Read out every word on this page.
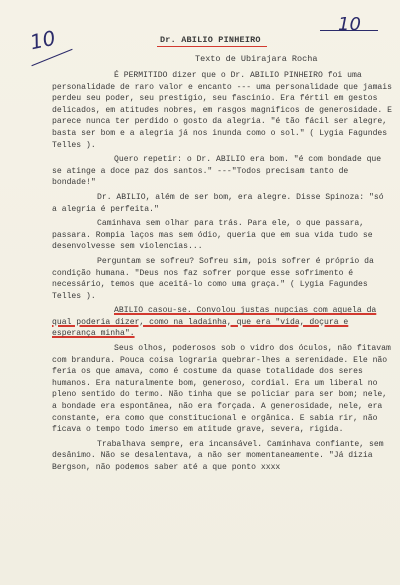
10
10
Dr. ABILIO PINHEIRO
Texto de Ubirajara Rocha

É PERMITIDO dizer que o Dr. ABILIO PINHEIRO foi uma personalidade de raro valor e encanto --- uma personalidade que jamais perdeu seu poder, seu prestigio, seu fascinio. Era fértil em gestos delicados, em atitudes nobres, em rasgos magnificos de generosidade. E parece nunca ter perdido o gosto da alegria. "é tão fácil ser alegre, basta ser bom e a alegria já nos inunda como o sol." ( Lygia Fagundes Telles ).

Quero repetir: o Dr. ABILIO era bom. "é com bondade que se atinge a doce paz dos santos." ---"Todos precisam tanto de bondade!"

Dr. ABILIO, além de ser bom, era alegre. Disse Spinoza: "só a alegria é perfeita."

Caminhava sem olhar para trás. Para ele, o que passara, passara. Rompia laços mas sem ódio, queria que em sua vida tudo se desenvolvesse sem violencias...

Perguntam se sofreu? Sofreu sim, pois sofrer é próprio da condição humana. "Deus nos faz sofrer porque esse sofrimento é necessário, temos que aceitá-lo como uma graça." ( Lygia Fagundes Telles ).

ABILIO casou-se. Convolou justas nupcias com aquela da qual poderia dizer, como na ladainha, que era "vida, doçura e esperança minha".

Seus olhos, poderosos sob o vidro dos óculos, não fitavam com brandura. Pouca coisa lograria quebrar-lhes a serenidade. Ele não feria os que amava, como é costume da quase totalidade dos seres humanos. Era naturalmente bom, generoso, cordial. Era um liberal no pleno sentido do termo. Não tinha que se policiar para ser bom; nele, a bondade era espontânea, não era forçada. A generosidade, nele, era constante, era como que constitucional e orgânica. E sabia rir, não ficava o tempo todo imerso em atitude grave, severa, rigida.

Trabalhava sempre, era incansável. Caminhava confiante, sem desânimo. Não se desalentava, a não ser momentaneamente. "Já dizia Bergson, não podemos saber até a que ponto xxxx
